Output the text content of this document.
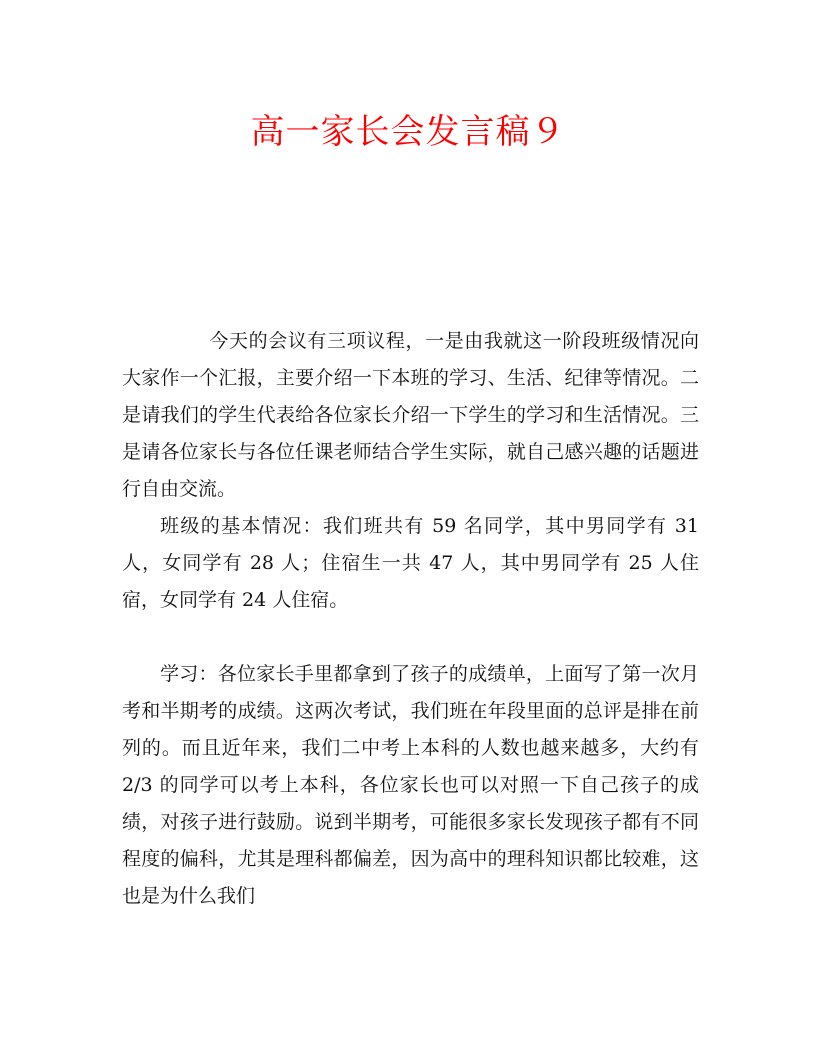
高一家长会发言稿９

今天的会议有三项议程，一是由我就这一阶段班级情况向大家作一个汇报，主要介绍一下本班的学习、生活、纪律等情况。二是请我们的学生代表给各位家长介绍一下学生的学习和生活情况。三是请各位家长与各位任课老师结合学生实际，就自己感兴趣的话题进行自由交流。

班级的基本情况：我们班共有 59 名同学，其中男同学有 31 人，女同学有 28 人；住宿生一共 47 人，其中男同学有 25 人住宿，女同学有 24 人住宿。

学习：各位家长手里都拿到了孩子的成绩单，上面写了第一次月考和半期考的成绩。这两次考试，我们班在年段里面的总评是排在前列的。而且近年来，我们二中考上本科的人数也越来越多，大约有 2/3 的同学可以考上本科，各位家长也可以对照一下自己孩子的成绩，对孩子进行鼓励。说到半期考，可能很多家长发现孩子都有不同程度的偏科，尤其是理科都偏差，因为高中的理科知识都比较难，这也是为什么我们
